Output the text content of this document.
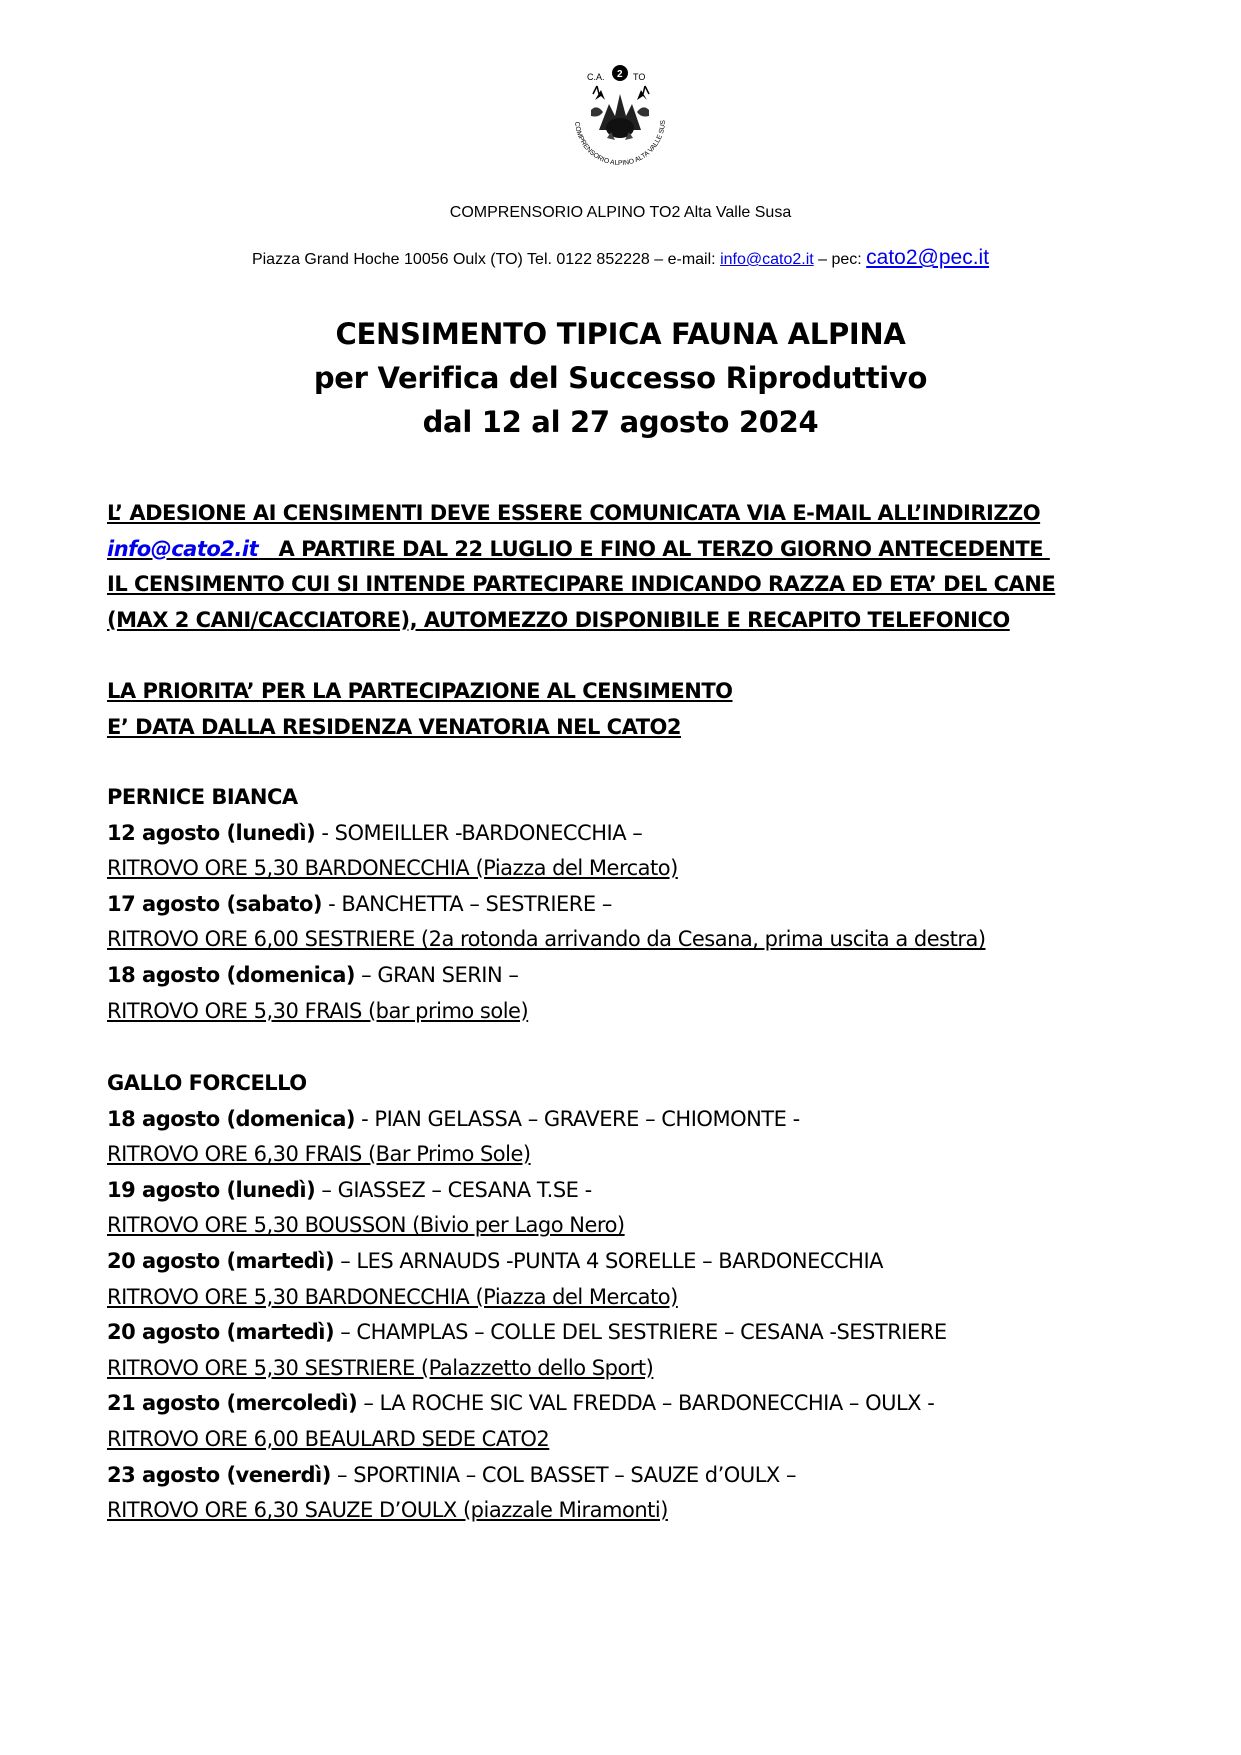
C.A. 2 TO
COMPRENSORIO ALPINO ALTA VALLE SUS
COMPRENSORIO ALPINO TO2 Alta Valle Susa
Piazza Grand Hoche 10056 Oulx (TO) Tel. 0122 852228 – e-mail: info@cato2.it – pec: cato2@pec.it
CENSIMENTO TIPICA FAUNA ALPINA
per Verifica del Successo Riproduttivo
dal 12 al 27 agosto 2024
L’ ADESIONE AI CENSIMENTI DEVE ESSERE COMUNICATA VIA E-MAIL ALL’INDIRIZZO
info@cato2.it   A PARTIRE DAL 22 LUGLIO E FINO AL TERZO GIORNO ANTECEDENTE
IL CENSIMENTO CUI SI INTENDE PARTECIPARE INDICANDO RAZZA ED ETA’ DEL CANE
(MAX 2 CANI/CACCIATORE), AUTOMEZZO DISPONIBILE E RECAPITO TELEFONICO
LA PRIORITA’ PER LA PARTECIPAZIONE AL CENSIMENTO
E’ DATA DALLA RESIDENZA VENATORIA NEL CATO2
PERNICE BIANCA
12 agosto (lunedì) - SOMEILLER -BARDONECCHIA –
RITROVO ORE 5,30 BARDONECCHIA (Piazza del Mercato)
17 agosto (sabato) - BANCHETTA – SESTRIERE –
RITROVO ORE 6,00 SESTRIERE (2a rotonda arrivando da Cesana, prima uscita a destra)
18 agosto (domenica) – GRAN SERIN –
RITROVO ORE 5,30 FRAIS (bar primo sole)
GALLO FORCELLO
18 agosto (domenica) - PIAN GELASSA – GRAVERE – CHIOMONTE -
RITROVO ORE 6,30 FRAIS (Bar Primo Sole)
19 agosto (lunedì) – GIASSEZ – CESANA T.SE -
RITROVO ORE 5,30 BOUSSON (Bivio per Lago Nero)
20 agosto (martedì) – LES ARNAUDS -PUNTA 4 SORELLE – BARDONECCHIA
RITROVO ORE 5,30 BARDONECCHIA (Piazza del Mercato)
20 agosto (martedì) – CHAMPLAS – COLLE DEL SESTRIERE – CESANA -SESTRIERE
RITROVO ORE 5,30 SESTRIERE (Palazzetto dello Sport)
21 agosto (mercoledì) – LA ROCHE SIC VAL FREDDA – BARDONECCHIA – OULX -
RITROVO ORE 6,00 BEAULARD SEDE CATO2
23 agosto (venerdì) – SPORTINIA – COL BASSET – SAUZE d’OULX –
RITROVO ORE 6,30 SAUZE D’OULX (piazzale Miramonti)
